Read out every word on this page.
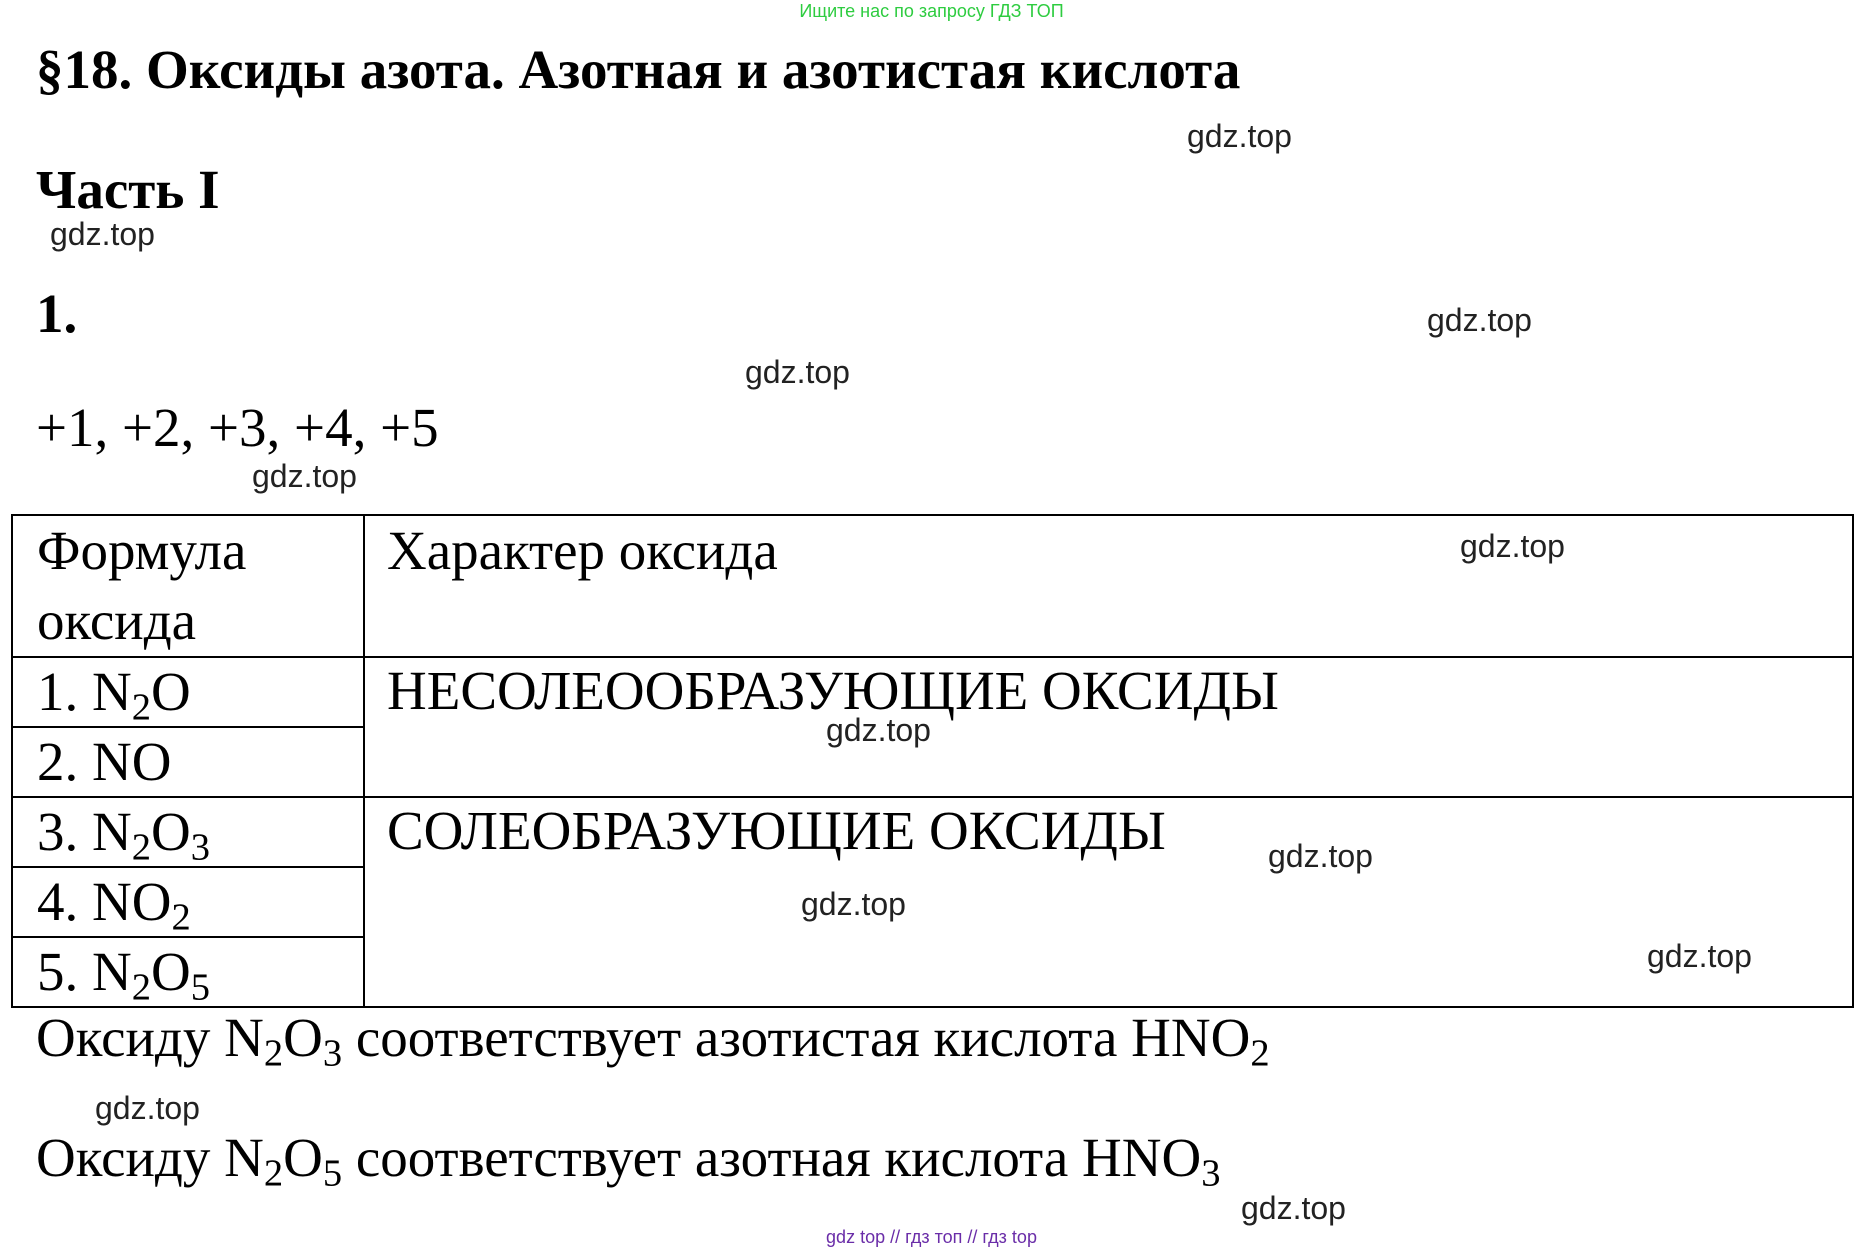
Ищите нас по запросу ГДЗ ТОП
§18. Оксиды азота. Азотная и азотистая кислота
Часть I
1.
+1, +2, +3, +4, +5
gdz.top
gdz.top
gdz.top
gdz.top
gdz.top
gdz.top
gdz.top
gdz.top
gdz.top
gdz.top
gdz.top
gdz.top
Формула
оксида	Характер оксида
1. $N_2O$	НЕСОЛЕООБРАЗУЮЩИЕ ОКСИДЫ
2. NO	
3. $N_2O_3$	СОЛЕОБРАЗУЮЩИЕ ОКСИДЫ
4. $NO_2$
5. $N_2O_5$
Оксиду $N_2O_3$ соответствует азотистая кислота $HNO_2$
Оксиду $N_2O_5$ соответствует азотная кислота $HNO_3$
gdz top // гдз топ // гдз top
